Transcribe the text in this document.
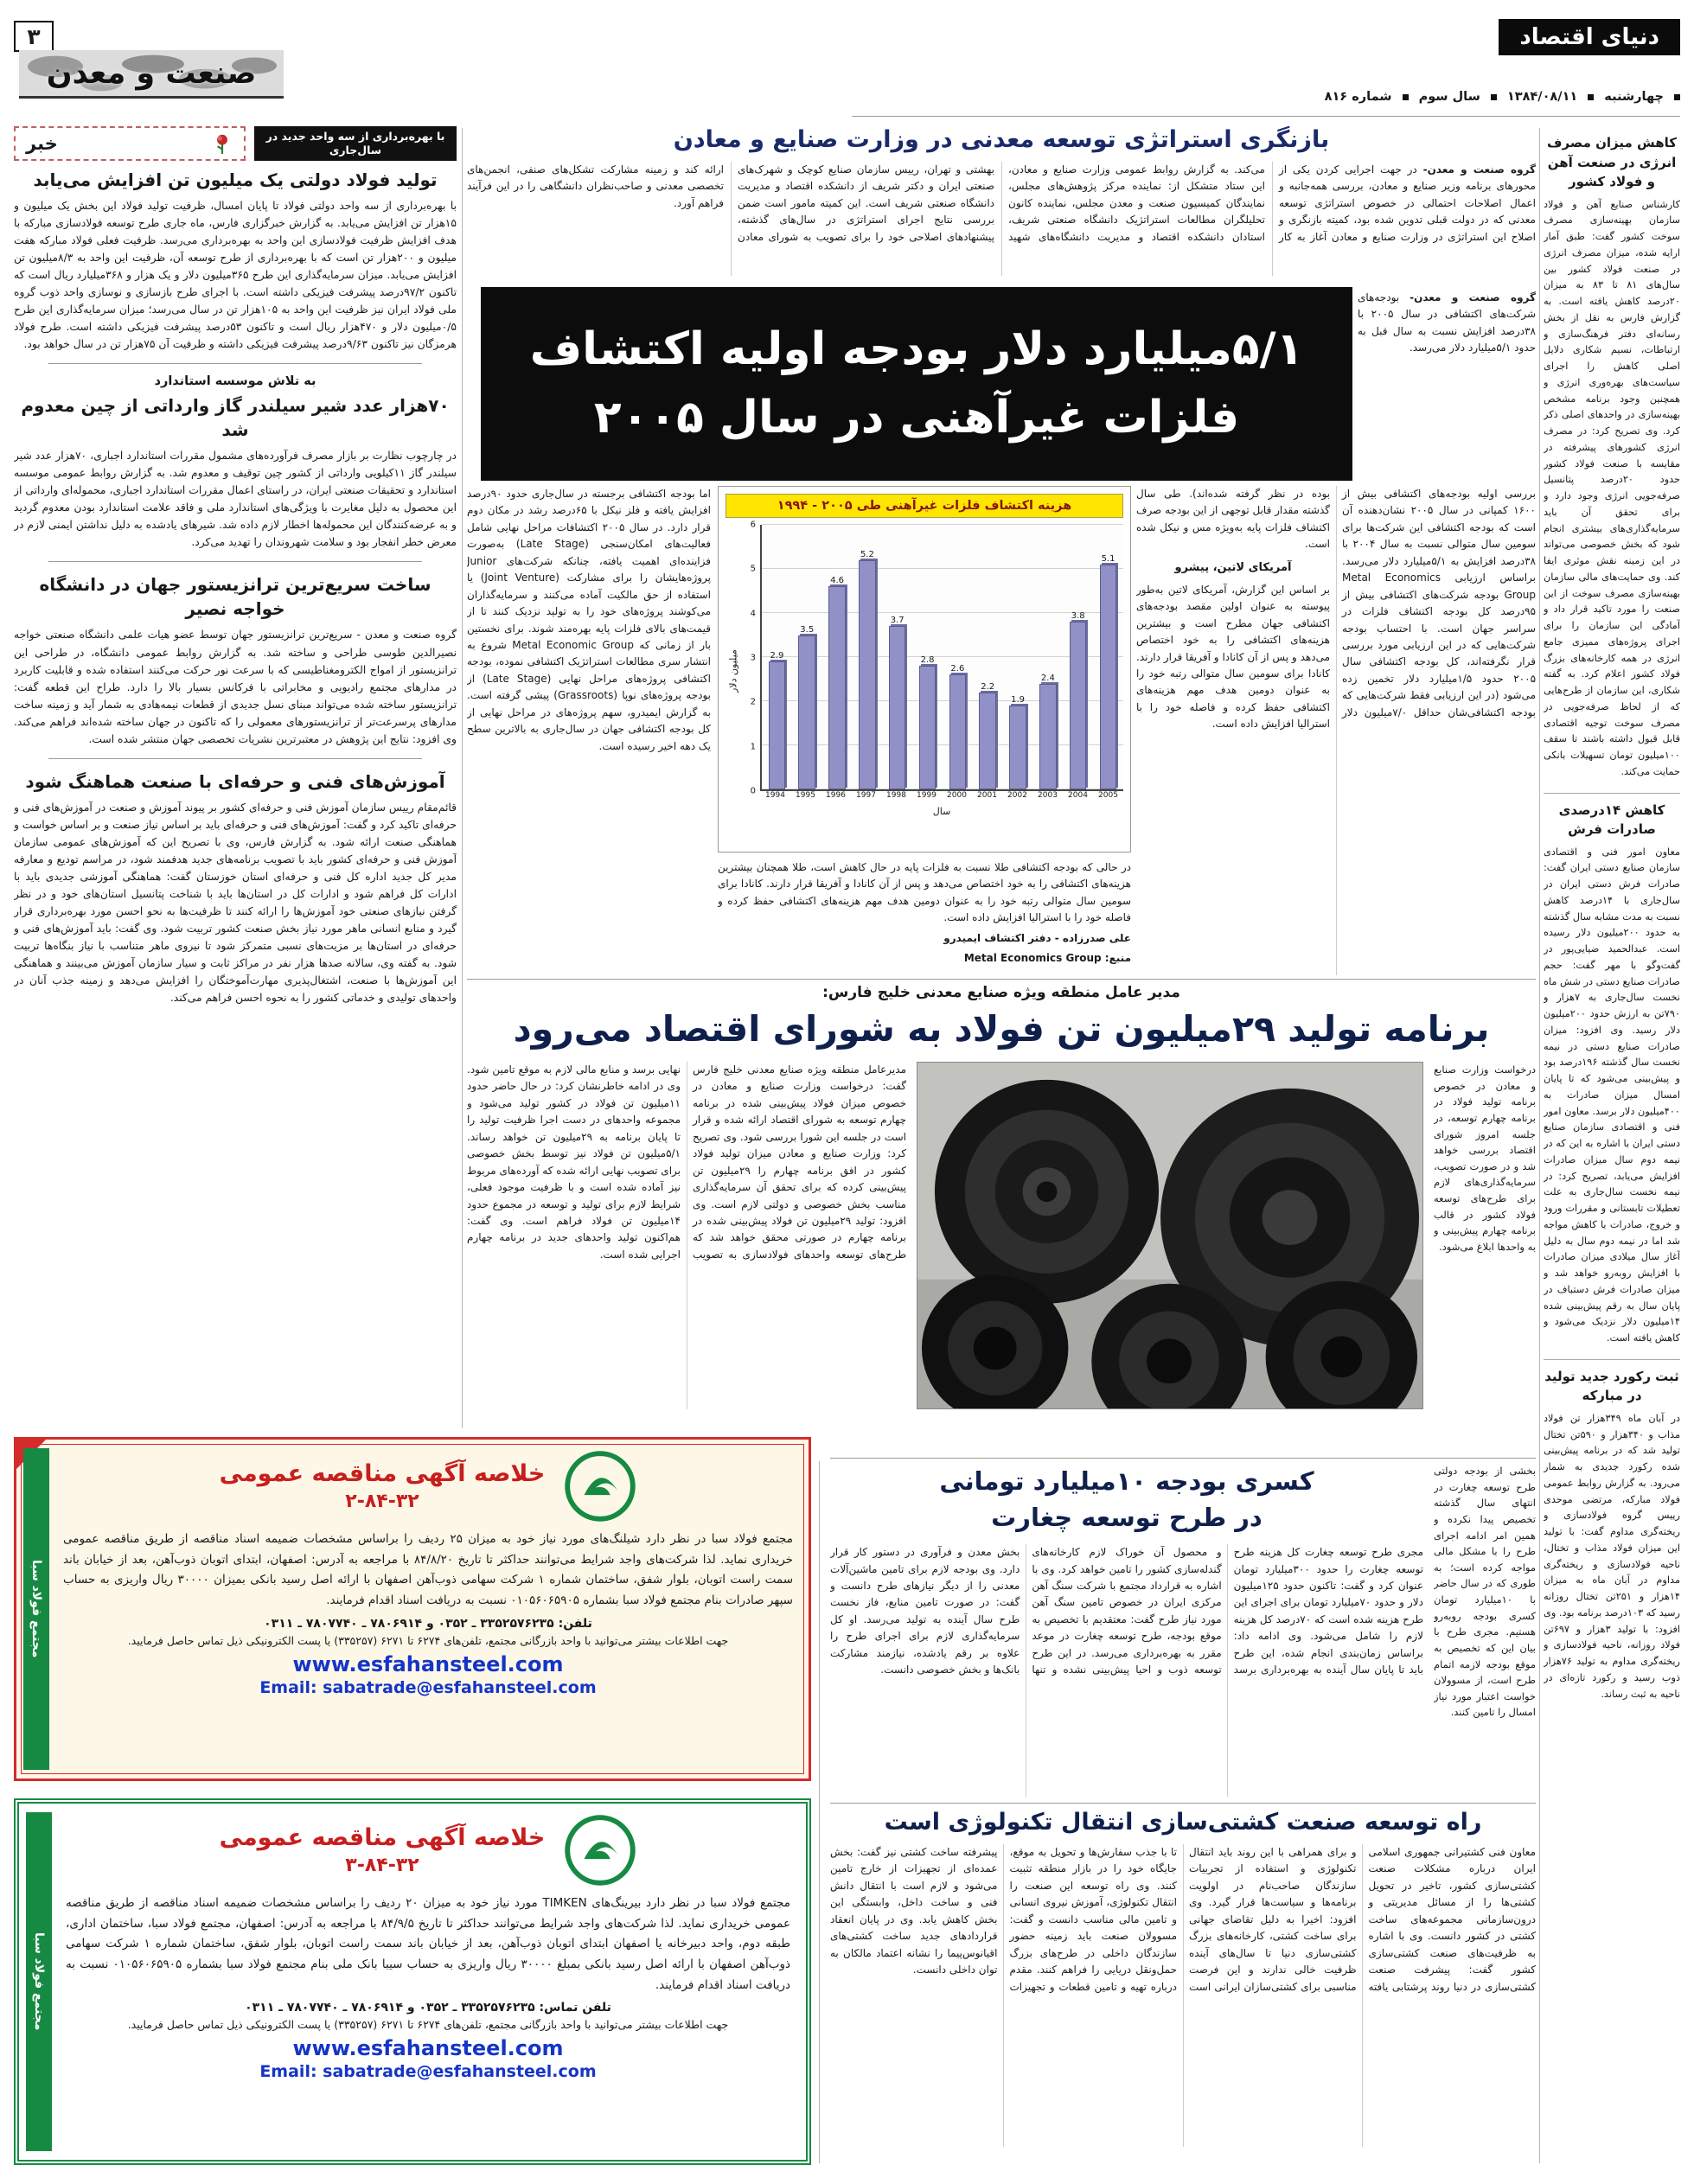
۳	دنیای اقتصاد
صنعت و معدن
چهارشنبه
۱۳۸۴/۰۸/۱۱
سال سوم
شماره ۸۱۶
با بهره‌برداری از سه واحد جدید در سال‌جاری
خبر
تولید فولاد دولتی یک میلیون تن افزایش می‌یابد

با بهره‌برداری از سه واحد دولتی فولاد تا پایان امسال، ظرفیت تولید فولاد این بخش یک میلیون و ۱۵هزار تن افزایش می‌یابد. به گزارش خبرگزاری فارس، ماه جاری طرح توسعه فولادسازی مبارکه با هدف افزایش ظرفیت فولادسازی این واحد به بهره‌برداری می‌رسد. ظرفیت فعلی فولاد مبارکه هفت میلیون و ۲۰۰هزار تن است که با بهره‌برداری از طرح توسعه آن، ظرفیت این واحد به ۸/۳میلیون تن افزایش می‌یابد. میزان سرمایه‌گذاری این طرح ۳۶۵میلیون دلار و یک هزار و ۳۶۸میلیارد ریال است که تاکنون ۹۷/۲درصد پیشرفت فیزیکی داشته است. با اجرای طرح بازسازی و نوسازی واحد ذوب گروه ملی فولاد ایران نیز ظرفیت این واحد به ۱۰۵هزار تن در سال می‌رسد؛ میزان سرمایه‌گذاری این طرح ۰/۵میلیون دلار و ۴۷۰هزار ریال است و تاکنون ۵۳درصد پیشرفت فیزیکی داشته است. طرح فولاد هرمزگان نیز تاکنون ۹/۶۳درصد پیشرفت فیزیکی داشته و ظرفیت آن ۷۵هزار تن در سال خواهد بود.

به تلاش موسسه استاندارد
۷۰هزار عدد شیر سیلندر گاز وارداتی از چین معدوم شد

در چارچوب نظارت بر بازار مصرف فرآورده‌های مشمول مقررات استاندارد اجباری، ۷۰هزار عدد شیر سیلندر گاز ۱۱کیلویی وارداتی از کشور چین توقیف و معدوم شد. به گزارش روابط عمومی موسسه استاندارد و تحقیقات صنعتی ایران، در راستای اعمال مقررات استاندارد اجباری، محموله‌ای وارداتی از این محصول به دلیل مغایرت با ویژگی‌های استاندارد ملی و فاقد علامت استاندارد بودن معدوم گردید و به عرضه‌کنندگان این محموله‌ها اخطار لازم داده شد. شیرهای یادشده به دلیل نداشتن ایمنی لازم در معرض خطر انفجار بود و سلامت شهروندان را تهدید می‌کرد.

ساخت سریع‌ترین ترانزیستور جهان در دانشگاه خواجه نصیر

گروه صنعت و معدن - سریع‌ترین ترانزیستور جهان توسط عضو هیات علمی دانشگاه صنعتی خواجه نصیرالدین طوسی طراحی و ساخته شد. به گزارش روابط عمومی دانشگاه، در طراحی این ترانزیستور از امواج الکترومغناطیسی که با سرعت نور حرکت می‌کنند استفاده شده و قابلیت کاربرد در مدارهای مجتمع رادیویی و مخابراتی با فرکانس بسیار بالا را دارد. طراح این قطعه گفت: ترانزیستور ساخته شده می‌تواند مبنای نسل جدیدی از قطعات نیمه‌هادی به شمار آید و زمینه ساخت مدارهای پرسرعت‌تر از ترانزیستورهای معمولی را که تاکنون در جهان ساخته شده‌اند فراهم می‌کند. وی افزود: نتایج این پژوهش در معتبرترین نشریات تخصصی جهان منتشر شده است.

آموزش‌های فنی و حرفه‌ای با صنعت هماهنگ شود

قائم‌مقام رییس سازمان آموزش فنی و حرفه‌ای کشور بر پیوند آموزش و صنعت در آموزش‌های فنی و حرفه‌ای تاکید کرد و گفت: آموزش‌های فنی و حرفه‌ای باید بر اساس نیاز صنعت و بر اساس خواست و هماهنگی صنعت ارائه شود. به گزارش فارس، وی با تصریح این که آموزش‌های عمومی سازمان آموزش فنی و حرفه‌ای کشور باید با تصویب برنامه‌های جدید هدفمند شود، در مراسم تودیع و معارفه مدیر کل جدید اداره کل فنی و حرفه‌ای استان خوزستان گفت: هماهنگی آموزشی جدیدی باید با ادارات کل فراهم شود و ادارات کل در استان‌ها باید با شناخت پتانسیل استان‌های خود و در نظر گرفتن نیازهای صنعتی خود آموزش‌ها را ارائه کنند تا ظرفیت‌ها به نحو احسن مورد بهره‌برداری قرار گیرد و منابع انسانی ماهر مورد نیاز بخش صنعت کشور تربیت شود. وی گفت: باید آموزش‌های فنی و حرفه‌ای در استان‌ها بر مزیت‌های نسبی متمرکز شود تا نیروی ماهر متناسب با نیاز بنگاه‌ها تربیت شود. به گفته وی، سالانه صدها هزار نفر در مراکز ثابت و سیار سازمان آموزش می‌بینند و هماهنگی این آموزش‌ها با صنعت، اشتغال‌پذیری مهارت‌آموختگان را افزایش می‌دهد و زمینه جذب آنان در واحدهای تولیدی و خدماتی کشور را به نحوه احسن فراهم می‌کند.

بازنگری استراتژی توسعه معدنی در وزارت صنایع و معادن
گروه صنعت و معدن- در جهت اجرایی کردن یکی از محورهای برنامه وزیر صنایع و معادن، بررسی همه‌جانبه و اعمال اصلاحات احتمالی در خصوص استراتژی توسعه معدنی که در دولت قبلی تدوین شده بود، کمیته بازنگری و اصلاح این استراتژی در وزارت صنایع و معادن آغاز به کار می‌کند. به گزارش روابط عمومی وزارت صنایع و معادن، این ستاد متشکل از: نماینده مرکز پژوهش‌های مجلس، نمایندگان کمیسیون صنعت و معدن مجلس، نماینده کانون تحلیلگران مطالعات استراتژیک دانشگاه صنعتی شریف، استادان دانشکده اقتصاد و مدیریت دانشگاه‌های شهید بهشتی و تهران، رییس سازمان صنایع کوچک و شهرک‌های صنعتی ایران و دکتر شریف از دانشکده اقتصاد و مدیریت دانشگاه صنعتی شریف است. این کمیته مامور است ضمن بررسی نتایج اجرای استراتژی در سال‌های گذشته، پیشنهادهای اصلاحی خود را برای تصویب به شورای معادن ارائه کند و زمینه مشارکت تشکل‌های صنفی، انجمن‌های تخصصی معدنی و صاحب‌نظران دانشگاهی را در این فرآیند فراهم آورد.
۵/۱میلیارد دلار بودجه اولیه اکتشاف
فلزات غیرآهنی در سال ۲۰۰۵
گروه صنعت و معدن- بودجه‌های شرکت‌های اکتشافی در سال ۲۰۰۵ با ۳۸درصد افزایش نسبت به سال قبل به حدود ۵/۱میلیارد دلار می‌رسد.
اما بودجه اکتشافی برجسته در سال‌جاری حدود ۹۰درصد افزایش یافته و فلز نیکل با ۶۵درصد رشد در مکان دوم قرار دارد. در سال ۲۰۰۵ اکتشافات مراحل نهایی شامل فعالیت‌های امکان‌سنجی (Late Stage) به‌صورت فزاینده‌ای اهمیت یافته، چنانکه شرکت‌های Junior پروژه‌هایشان را برای مشارکت (Joint Venture) یا استفاده از حق مالکیت آماده می‌کنند و سرمایه‌گذاران می‌کوشند پروژه‌های خود را به تولید نزدیک کنند تا از قیمت‌های بالای فلزات پایه بهره‌مند شوند. برای نخستین بار از زمانی که Metal Economic Group شروع به انتشار سری مطالعات استراتژیک اکتشافی نموده، بودجه اکتشافی پروژه‌های مراحل نهایی (Late Stage) از بودجه پروژه‌های نوپا (Grassroots) پیشی گرفته است. به گزارش ایمیدرو، سهم پروژه‌های در مراحل نهایی از کل بودجه اکتشافی جهان در سال‌جاری به بالاترین سطح یک دهه اخیر رسیده است.
بررسی اولیه بودجه‌های اکتشافی بیش از ۱۶۰۰ کمپانی در سال ۲۰۰۵ نشان‌دهنده آن است که بودجه اکتشافی این شرکت‌ها برای سومین سال متوالی نسبت به سال ۲۰۰۴ با ۳۸درصد افزایش به ۵/۱میلیارد دلار می‌رسد. براساس ارزیابی Metal Economics Group بودجه شرکت‌های اکتشافی بیش از ۹۵درصد کل بودجه اکتشاف فلزات در سراسر جهان است. با احتساب بودجه شرکت‌هایی که در این ارزیابی مورد بررسی قرار نگرفته‌اند، کل بودجه اکتشافی سال ۲۰۰۵ حدود ۱/۵میلیارد دلار تخمین زده می‌شود (در این ارزیابی فقط شرکت‌هایی که بودجه اکتشافی‌شان حداقل ۷/۰میلیون دلار بوده در نظر گرفته شده‌اند). طی سال گذشته مقدار قابل توجهی از این بودجه صرف اکتشاف فلزات پایه به‌ویژه مس و نیکل شده است.
آمریکای لاتین، پیشرو
بر اساس این گزارش، آمریکای لاتین به‌طور پیوسته به عنوان اولین مقصد بودجه‌های اکتشافی جهان مطرح است و بیشترین هزینه‌های اکتشافی را به خود اختصاص می‌دهد و پس از آن کانادا و آفریقا قرار دارند. کانادا برای سومین سال متوالی رتبه خود را به عنوان دومین هدف مهم هزینه‌های اکتشافی حفظ کرده و فاصله خود را با استرالیا افزایش داده است.
در حالی که بودجه اکتشافی طلا نسبت به فلزات پایه در حال کاهش است، طلا همچنان بیشترین هزینه‌های اکتشافی را به خود اختصاص می‌دهد و پس از آن کانادا و آفریقا قرار دارند. کانادا برای سومین سال متوالی رتبه خود را به عنوان دومین هدف مهم هزینه‌های اکتشافی حفظ کرده و فاصله خود را با استرالیا افزایش داده است.
علی صدرزاده - دفتر اکتشاف ایمیدرو
منبع: Metal Economics Group
هزینه اکتشاف فلزات غیرآهنی طی ۲۰۰۵ - ۱۹۹۴
میلیون دلار
0
1
2
3
4
5
6
2.9
3.5
4.6
5.2
3.7
2.8
2.6
2.2
1.9
2.4
3.8
5.1
1994	1995	1996	1997	1998	1999	2000	2001	2002	2003	2004	2005
سال
مدیر عامل منطقه ویژه صنایع معدنی خلیج فارس:
برنامه تولید ۲۹میلیون تن فولاد به شورای اقتصاد می‌رود
درخواست وزارت صنایع و معادن در خصوص برنامه تولید فولاد در برنامه چهارم توسعه، در جلسه امروز شورای اقتصاد بررسی خواهد شد و در صورت تصویب، سرمایه‌گذاری‌های لازم برای طرح‌های توسعه فولاد کشور در قالب برنامه چهارم پیش‌بینی و به واحدها ابلاغ می‌شود.
مدیرعامل منطقه ویژه صنایع معدنی خلیج فارس گفت: درخواست وزارت صنایع و معادن در خصوص میزان فولاد پیش‌بینی شده در برنامه چهارم توسعه به شورای اقتصاد ارائه شده و قرار است در جلسه این شورا بررسی شود. وی تصریح کرد: وزارت صنایع و معادن میزان تولید فولاد کشور در افق برنامه چهارم را ۲۹میلیون تن پیش‌بینی کرده که برای تحقق آن سرمایه‌گذاری مناسب بخش خصوصی و دولتی لازم است. وی افزود: تولید ۲۹میلیون تن فولاد پیش‌بینی شده در برنامه چهارم در صورتی محقق خواهد شد که طرح‌های توسعه واحدهای فولادسازی به تصویب نهایی برسد و منابع مالی لازم به موقع تامین شود. وی در ادامه خاطرنشان کرد: در حال حاضر حدود ۱۱میلیون تن فولاد در کشور تولید می‌شود و مجموعه واحدهای در دست اجرا ظرفیت تولید را تا پایان برنامه به ۲۹میلیون تن خواهد رساند. ۵/۱میلیون تن فولاد نیز توسط بخش خصوصی برای تصویب نهایی ارائه شده که آورده‌های مربوط نیز آماده شده است و با ظرفیت موجود فعلی، شرایط لازم برای تولید و توسعه در مجموع حدود ۱۴میلیون تن فولاد فراهم است. وی گفت: هم‌اکنون تولید واحدهای جدید در برنامه چهارم اجرایی شده است.
بخشی از بودجه دولتی طرح توسعه چغارت در انتهای سال گذشته تخصیص پیدا نکرده و همین امر ادامه اجرای طرح را با مشکل مالی مواجه کرده است؛ به طوری که در سال حاضر با ۱۰میلیارد تومان کسری بودجه روبه‌رو هستیم. مجری طرح با بیان این که تخصیص به موقع بودجه لازمه اتمام طرح است، از مسوولان خواست اعتبار مورد نیاز امسال را تامین کنند.
کسری بودجه ۱۰میلیارد تومانی
در طرح توسعه چغارت
مجری طرح توسعه چغارت کل هزینه طرح توسعه چغارت را حدود ۳۰۰میلیارد تومان عنوان کرد و گفت: تاکنون حدود ۱۲۵میلیون دلار و حدود ۷۰میلیارد تومان برای اجرای این طرح هزینه شده است که ۷۰درصد کل هزینه لازم را شامل می‌شود. وی ادامه داد: براساس زمان‌بندی انجام شده، این طرح باید تا پایان سال آینده به بهره‌برداری برسد و محصول آن خوراک لازم کارخانه‌های گندله‌سازی کشور را تامین خواهد کرد. وی با اشاره به قرارداد مجتمع با شرکت سنگ آهن مرکزی ایران در خصوص تامین سنگ آهن مورد نیاز طرح گفت: معتقدیم با تخصیص به موقع بودجه، طرح توسعه چغارت در موعد مقرر به بهره‌برداری می‌رسد. در این طرح توسعه ذوب و احیا پیش‌بینی نشده و تنها بخش معدن و فرآوری در دستور کار قرار دارد. وی بودجه لازم برای تامین ماشین‌آلات معدنی را از دیگر نیازهای طرح دانست و گفت: در صورت تامین منابع، فاز نخست طرح سال آینده به تولید می‌رسد. او کل سرمایه‌گذاری لازم برای اجرای طرح را علاوه بر رقم یادشده، نیازمند مشارکت بانک‌ها و بخش خصوصی دانست.
راه توسعه صنعت کشتی‌سازی انتقال تکنولوژی است
معاون فنی کشتیرانی جمهوری اسلامی ایران درباره مشکلات صنعت کشتی‌سازی کشور، تاخیر در تحویل کشتی‌ها را از مسائل مدیریتی و درون‌سازمانی مجموعه‌های ساخت کشتی در کشور دانست. وی با اشاره به ظرفیت‌های صنعت کشتی‌سازی کشور گفت: پیشرفت صنعت کشتی‌سازی در دنیا روند پرشتابی یافته و برای همراهی با این روند باید انتقال تکنولوژی و استفاده از تجربیات سازندگان صاحب‌نام در اولویت برنامه‌ها و سیاست‌ها قرار گیرد. وی افزود: اخیرا به دلیل تقاضای جهانی برای ساخت کشتی، کارخانه‌های بزرگ کشتی‌سازی دنیا تا سال‌های آینده ظرفیت خالی ندارند و این فرصت مناسبی برای کشتی‌سازان ایرانی است تا با جذب سفارش‌ها و تحویل به موقع، جایگاه خود را در بازار منطقه تثبیت کنند. وی راه توسعه این صنعت را انتقال تکنولوژی، آموزش نیروی انسانی و تامین مالی مناسب دانست و گفت: مسوولان صنعت باید زمینه حضور سازندگان داخلی در طرح‌های بزرگ حمل‌ونقل دریایی را فراهم کنند. مقدم درباره تهیه و تامین قطعات و تجهیزات پیشرفته ساخت کشتی نیز گفت: بخش عمده‌ای از تجهیزات از خارج تامین می‌شود و لازم است با انتقال دانش فنی و ساخت داخل، وابستگی این بخش کاهش یابد. وی در پایان انعقاد قراردادهای جدید ساخت کشتی‌های اقیانوس‌پیما را نشانه اعتماد مالکان به توان داخلی دانست.
کاهش میزان مصرف انرژی در صنعت آهن و فولاد کشور

کارشناس صنایع آهن و فولاد سازمان بهینه‌سازی مصرف سوخت کشور گفت: طبق آمار ارایه شده، میزان مصرف انرژی در صنعت فولاد کشور بین سال‌های ۸۱ تا ۸۳ به میزان ۲۰درصد کاهش یافته است. به گزارش فارس به نقل از بخش رسانه‌ای دفتر فرهنگ‌سازی و ارتباطات، نسیم شکاری دلایل اصلی کاهش را اجرای سیاست‌های بهره‌وری انرژی و همچنین وجود برنامه مشخص بهینه‌سازی در واحدهای اصلی ذکر کرد. وی تصریح کرد: در مصرف انرژی کشورهای پیشرفته در مقایسه با صنعت فولاد کشور حدود ۲۰درصد پتانسیل صرفه‌جویی انرژی وجود دارد و برای تحقق آن باید سرمایه‌گذاری‌های بیشتری انجام شود که بخش خصوصی می‌تواند در این زمینه نقش موثری ایفا کند. وی حمایت‌های مالی سازمان بهینه‌سازی مصرف سوخت از این صنعت را مورد تاکید قرار داد و آمادگی این سازمان را برای اجرای پروژه‌های ممیزی جامع انرژی در همه کارخانه‌های بزرگ فولاد کشور اعلام کرد. به گفته شکاری، این سازمان از طرح‌هایی که از لحاظ صرفه‌جویی در مصرف سوخت توجیه اقتصادی قابل قبول داشته باشند تا سقف ۱۰۰میلیون تومان تسهیلات بانکی حمایت می‌کند.

کاهش ۱۴درصدی صادرات فرش

معاون امور فنی و اقتصادی سازمان صنایع دستی ایران گفت: صادرات فرش دستی ایران در سال‌جاری با ۱۴درصد کاهش نسبت به مدت مشابه سال گذشته به حدود ۲۰۰میلیون دلار رسیده است. عبدالحمید ضیایی‌پور در گفت‌وگو با مهر گفت: حجم صادرات صنایع دستی در شش ماه نخست سال‌جاری به ۷هزار و ۷۹۰تن به ارزش حدود ۲۰۰میلیون دلار رسید. وی افزود: میزان صادرات صنایع دستی در نیمه نخست سال گذشته ۱۹۶درصد بود و پیش‌بینی می‌شود که تا پایان امسال میزان صادرات به ۴۰۰میلیون دلار برسد. معاون امور فنی و اقتصادی سازمان صنایع دستی ایران با اشاره به این که در نیمه دوم سال میزان صادرات افزایش می‌یابد، تصریح کرد: در نیمه نخست سال‌جاری به علت تعطیلات تابستانی و مقررات ورود و خروج، صادرات با کاهش مواجه شد اما در نیمه دوم سال به دلیل آغاز سال میلادی میزان صادرات با افزایش روبه‌رو خواهد شد و میزان صادرات فرش دستباف در پایان سال به رقم پیش‌بینی شده ۱۴میلیون دلار نزدیک می‌شود و کاهش یافته است.

ثبت رکورد جدید تولید در مبارکه

در آبان ماه ۳۴۹هزار تن فولاد مذاب و ۳۴۰هزار و ۵۹۰تن تختال تولید شد که در برنامه پیش‌بینی شده رکورد جدیدی به شمار می‌رود. به گزارش روابط عمومی فولاد مبارکه، مرتضی موحدی رییس گروه فولادسازی و ریخته‌گری مداوم گفت: با تولید این میزان فولاد مذاب و تختال، ناحیه فولادسازی و ریخته‌گری مداوم در آبان ماه به میزان ۱۴هزار و ۲۵۱تن تختال روزانه رسید که ۱۰۳درصد برنامه بود. وی افزود: با تولید ۳هزار و ۶۹۷تن فولاد روزانه، ناحیه فولادسازی و ریخته‌گری مداوم به تولید ۷۶هزار ذوب رسید و رکورد تازه‌ای در ناحیه به ثبت رساند.

مجتمع فولاد سبا
خلاصه آگهی مناقصه عمومی
۲-۸۴-۳۲
مجتمع فولاد سبا در نظر دارد شیلنگ‌های مورد نیاز خود به میزان ۲۵ ردیف را براساس مشخصات ضمیمه اسناد مناقصه از طریق مناقصه عمومی خریداری نماید. لذا شرکت‌های واجد شرایط می‌توانند حداکثر تا تاریخ ۸۴/۸/۲۰ با مراجعه به آدرس: اصفهان، ابتدای اتوبان ذوب‌آهن، بعد از خیابان باند سمت راست اتوبان، بلوار شفق، ساختمان شماره ۱ شرکت سهامی ذوب‌آهن اصفهان با ارائه اصل رسید بانکی بمیزان ۳۰۰۰۰ ریال واریزی به حساب سپهر صادرات بنام مجتمع فولاد سبا بشماره ۰۱۰۵۶۰۶۵۹۰۵ نسبت به دریافت اسناد اقدام فرمایند.
تلفن: ۳۳۵۲۵۷۶۲۳۵ ـ ۰۳۵۲ و ۷۸۰۶۹۱۴ ـ ۷۸۰۷۷۴۰ ـ ۰۳۱۱
جهت اطلاعات بیشتر می‌توانید با واحد بازرگانی مجتمع، تلفن‌های ۶۲۷۴ تا ۶۲۷۱ (۳۳۵۲۵۷) یا پست الکترونیکی ذیل تماس حاصل فرمایید.
www.esfahansteel.com
Email: sabatrade@esfahansteel.com
مجتمع فولاد سبا
خلاصه آگهی مناقصه عمومی
۳-۸۴-۳۲
مجتمع فولاد سبا در نظر دارد بیرینگ‌های TIMKEN مورد نیاز خود به میزان ۲۰ ردیف را براساس مشخصات ضمیمه اسناد مناقصه از طریق مناقصه عمومی خریداری نماید. لذا شرکت‌های واجد شرایط می‌توانند حداکثر تا تاریخ ۸۴/۹/۵ با مراجعه به آدرس: اصفهان، مجتمع فولاد سبا، ساختمان اداری، طبقه دوم، واحد دبیرخانه یا اصفهان ابتدای اتوبان ذوب‌آهن، بعد از خیابان باند سمت راست اتوبان، بلوار شفق، ساختمان شماره ۱ شرکت سهامی ذوب‌آهن اصفهان با ارائه اصل رسید بانکی بمبلغ ۳۰۰۰۰ ریال واریزی به حساب سیبا بانک ملی بنام مجتمع فولاد سبا بشماره ۰۱۰۵۶۰۶۵۹۰۵ نسبت به دریافت اسناد اقدام فرمایند.
تلفن تماس: ۳۳۵۲۵۷۶۲۳۵ ـ ۰۳۵۲ و ۷۸۰۶۹۱۴ ـ ۷۸۰۷۷۴۰ ـ ۰۳۱۱
جهت اطلاعات بیشتر می‌توانید با واحد بازرگانی مجتمع، تلفن‌های ۶۲۷۴ تا ۶۲۷۱ (۳۳۵۲۵۷) یا پست الکترونیکی ذیل تماس حاصل فرمایید.
www.esfahansteel.com
Email: sabatrade@esfahansteel.com
